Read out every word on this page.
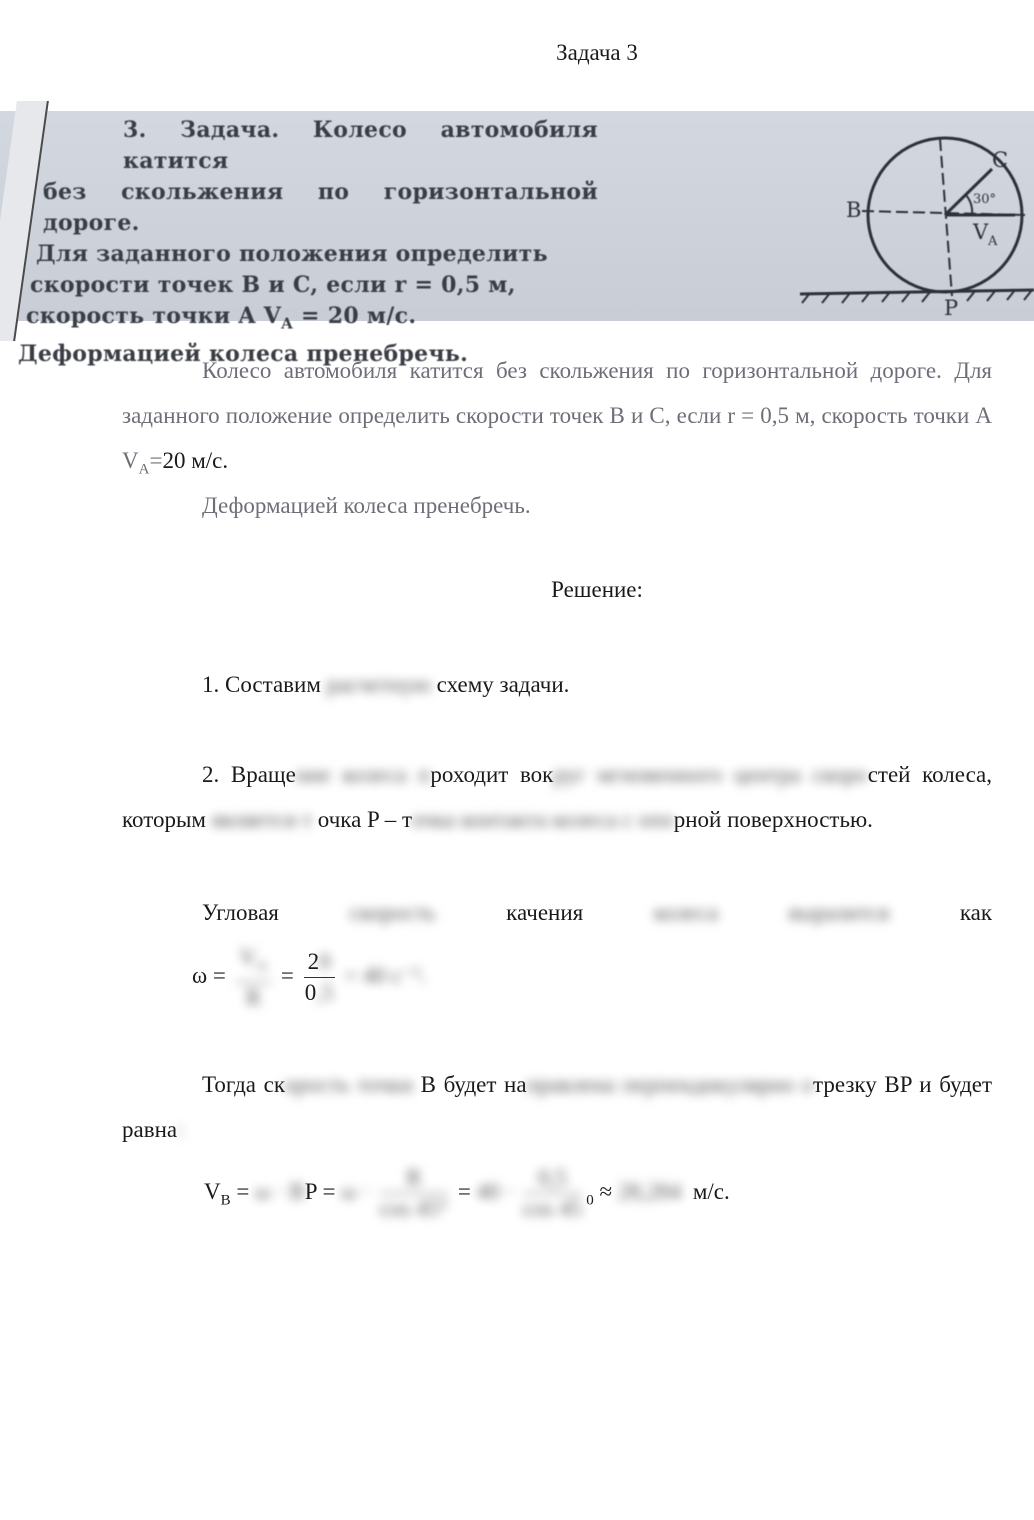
Задача 3
3. Задача. Колесо автомобиля катится
без скольжения по горизонтальной дороге.
Для заданного положения определить
скорости точек B и C, если r = 0,5 м,
скорость точки A $V_A = 20$ м/с.
Деформацией колеса пренебречь.
B
C
30°
V A
P
Колесо автомобиля катится без скольжения по горизонтальной дороге. Для заданного положение определить скорости точек B и C, если r = 0,5 м, скорость точки A $V_A=20$ м/с.
Деформацией колеса пренебречь.
Решение:
1. Составим расчетную схему задачи.
2. Вращение колеса проходит вокруг мгновенного центра скоростей колеса, которым является т очка P – точка контакта колеса с опорной поверхностью.
Угловая	скорость	качения	колеса	выразится	как
$\omega = \frac{V_A}{R} = \frac{20}{0,5} = 40$ с⁻¹.
Тогда скорость точки B будет направлена перпендикулярно отрезку BP и будет равна:
$V_B = \omega$ · BP = $\omega \cdot \frac{R}{\cos 45^\circ} = 40 \cdot \frac{0,5}{\cos 45} _0 \approx 28,284$ м/с.
